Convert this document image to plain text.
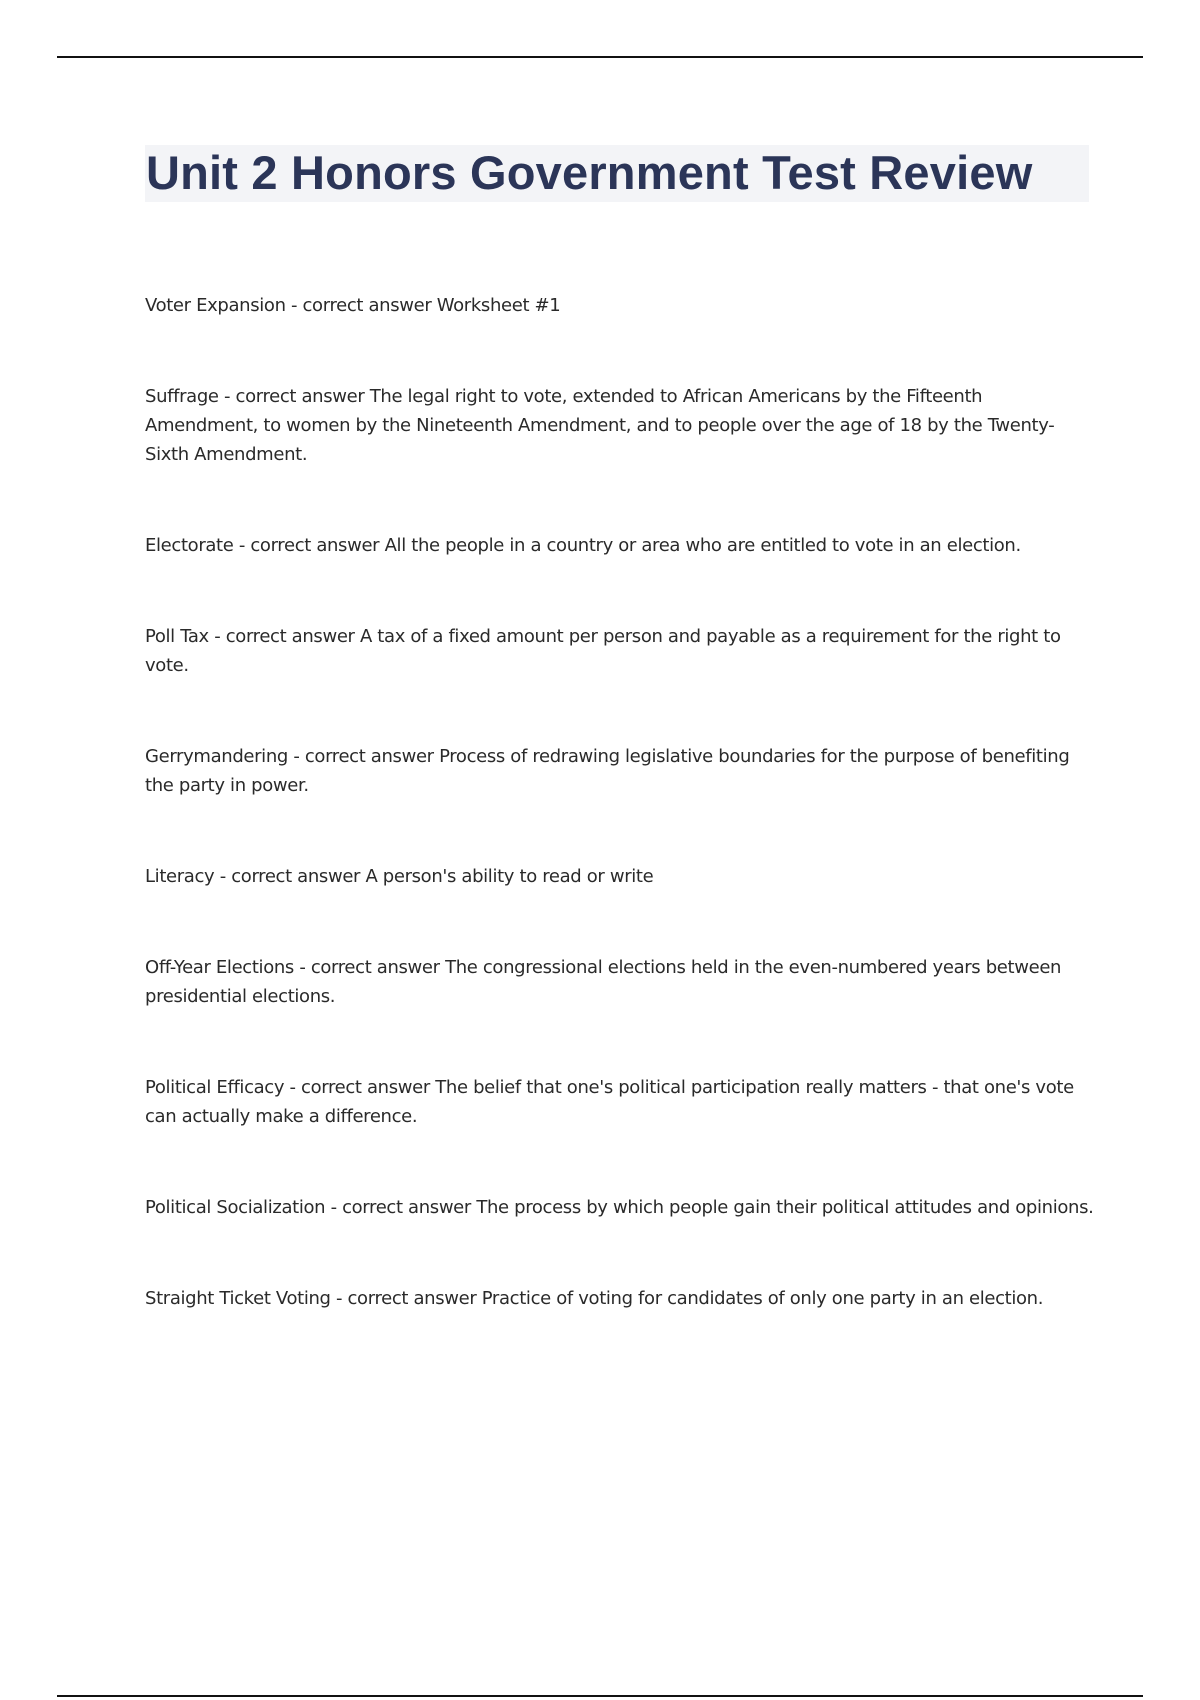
Unit 2 Honors Government Test Review

Voter Expansion - correct answer Worksheet #1

Suffrage - correct answer The legal right to vote, extended to African Americans by the Fifteenth Amendment, to women by the Nineteenth Amendment, and to people over the age of 18 by the Twenty-Sixth Amendment.

Electorate - correct answer All the people in a country or area who are entitled to vote in an election.

Poll Tax - correct answer A tax of a fixed amount per person and payable as a requirement for the right to vote.

Gerrymandering - correct answer Process of redrawing legislative boundaries for the purpose of benefiting the party in power.

Literacy - correct answer A person's ability to read or write

Off-Year Elections - correct answer The congressional elections held in the even-numbered years between presidential elections.

Political Efficacy - correct answer The belief that one's political participation really matters - that one's vote can actually make a difference.

Political Socialization - correct answer The process by which people gain their political attitudes and opinions.

Straight Ticket Voting - correct answer Practice of voting for candidates of only one party in an election.
